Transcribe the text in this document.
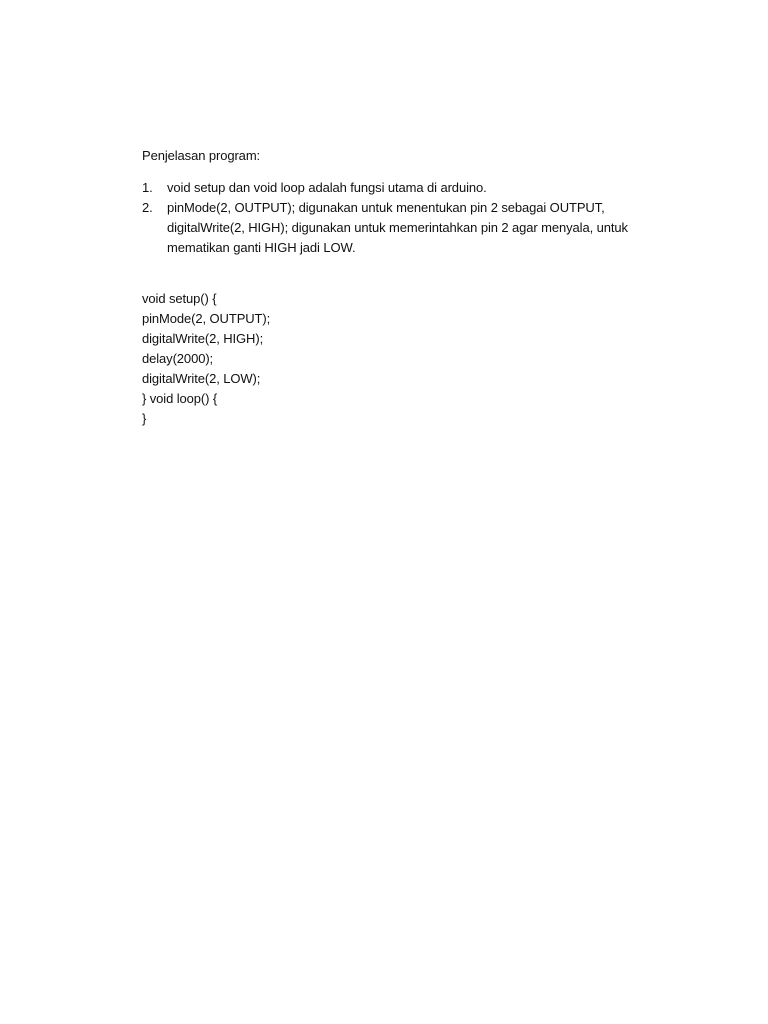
Penjelasan program:

1.	void setup dan void loop adalah fungsi utama di arduino.
2.	pinMode(2, OUTPUT); digunakan untuk menentukan pin 2 sebagai OUTPUT,
digitalWrite(2, HIGH); digunakan untuk memerintahkan pin 2 agar menyala, untuk
mematikan ganti HIGH jadi LOW.
void setup() {
pinMode(2, OUTPUT);
digitalWrite(2, HIGH);
delay(2000);
digitalWrite(2, LOW);
} void loop() {
}
